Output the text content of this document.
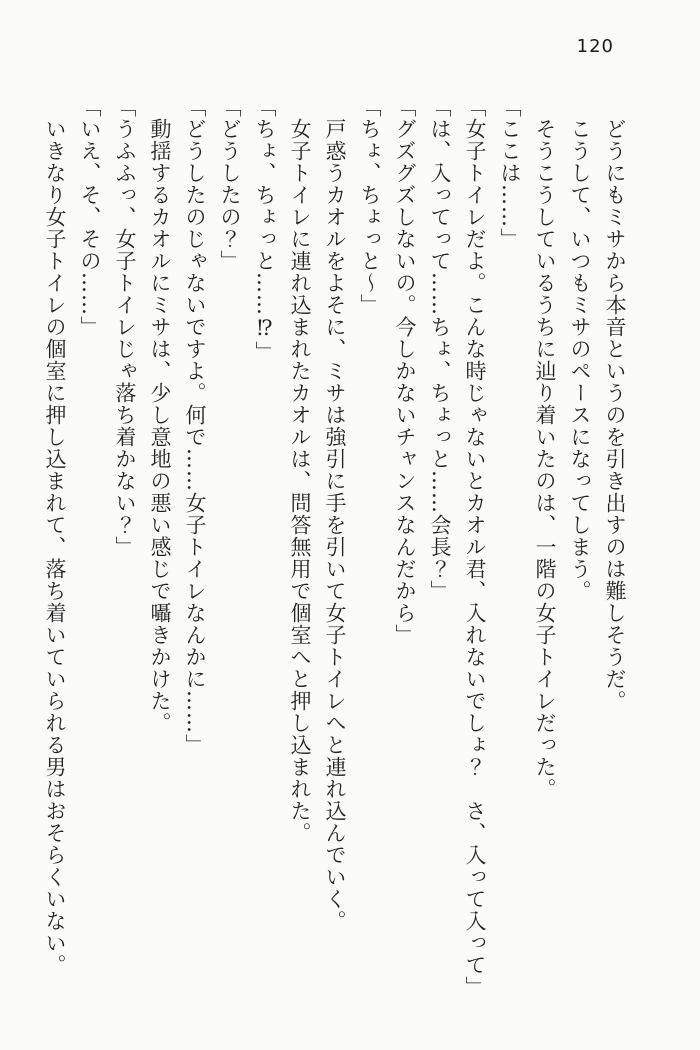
120

　どうにもミサから本音というのを引き出すのは難しそうだ。

　こうして、いつもミサのペースになってしまう。

　そうこうしているうちに辿り着いたのは、一階の女子トイレだった。

「ここは……」

「女子トイレだよ。こんな時じゃないとカオル君、入れないでしょ？　さ、入って入って」

「は、入ってって……ちょ、ちょっと……会長？」

「グズグズしないの。今しかないチャンスなんだから」

「ちょ、ちょっと〜」

　戸惑うカオルをよそに、ミサは強引に手を引いて女子トイレへと連れ込んでいく。

　女子トイレに連れ込まれたカオルは、問答無用で個室へと押し込まれた。

「ちょ、ちょっと……⁉」

「どうしたの？」

「どうしたのじゃないですよ。何で……女子トイレなんかに……」

　動揺するカオルにミサは、少し意地の悪い感じで囁きかけた。

「うふふっ、女子トイレじゃ落ち着かない？」

「いえ、そ、その……」

　いきなり女子トイレの個室に押し込まれて、落ち着いていられる男はおそらくいない。
